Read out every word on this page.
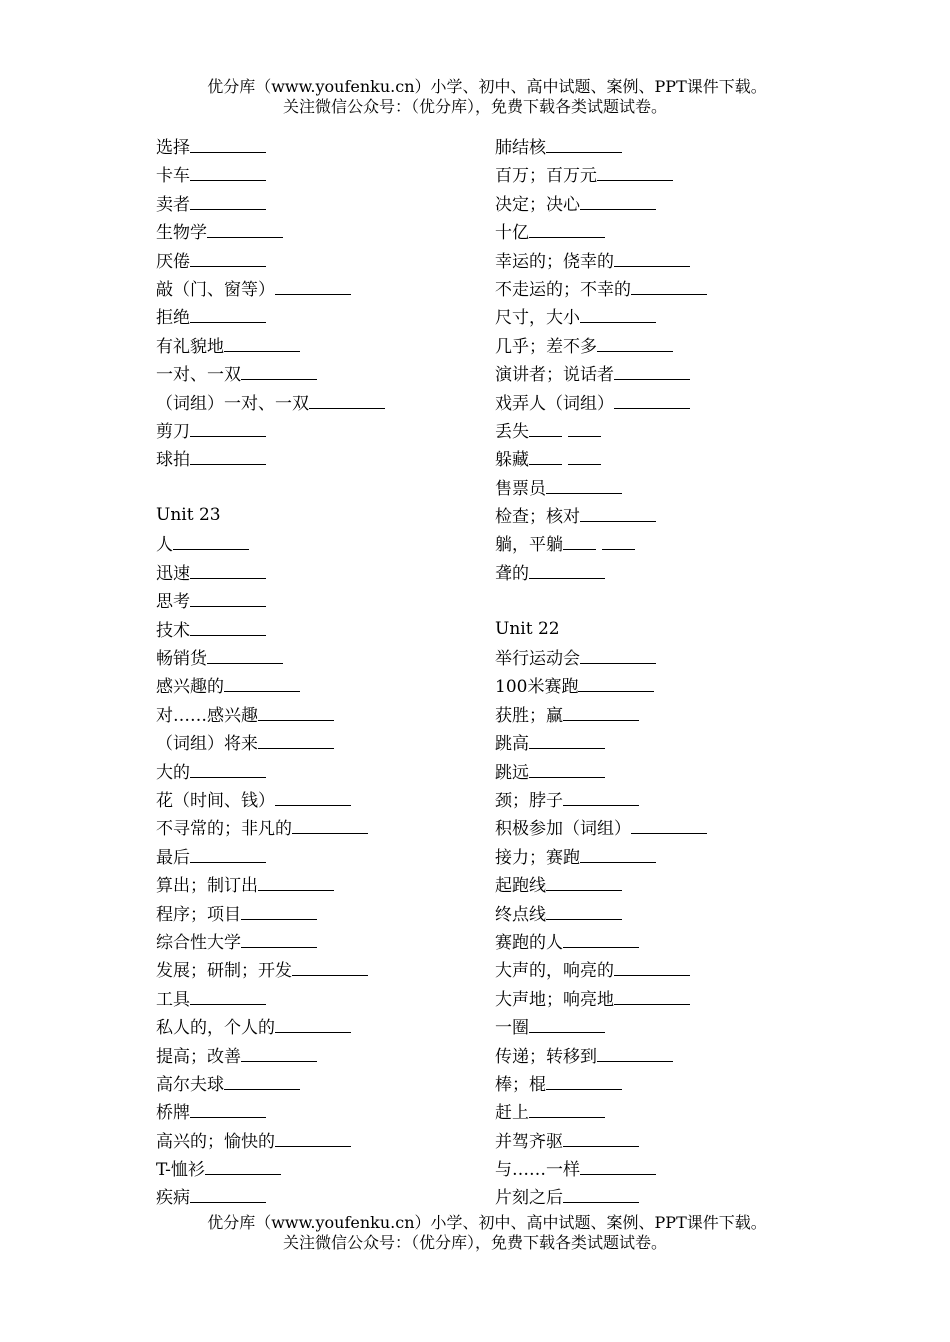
优分库（www.youfenku.cn）小学、初中、高中试题、案例、PPT课件下载。
关注微信公众号：（优分库），免费下载各类试题试卷。
选择
卡车
卖者
生物学
厌倦
敲（门、窗等）
拒绝
有礼貌地
一对、一双
（词组）一对、一双
剪刀
球拍
Unit 23
人
迅速
思考
技术
畅销货
感兴趣的
对……感兴趣
（词组）将来
大的
花（时间、钱）
不寻常的；非凡的
最后
算出；制订出
程序；项目
综合性大学
发展；研制；开发
工具
私人的，个人的
提高；改善
高尔夫球
桥牌
高兴的；愉快的
T-恤衫
疾病
肺结核
百万；百万元
决定；决心
十亿
幸运的；侥幸的
不走运的；不幸的
尺寸，大小
几乎；差不多
演讲者；说话者
戏弄人（词组）
丢失
躲藏
售票员
检查；核对
躺，平躺
聋的
Unit 22
举行运动会
100米赛跑
获胜；赢
跳高
跳远
颈；脖子
积极参加（词组）
接力；赛跑
起跑线
终点线
赛跑的人
大声的，响亮的
大声地；响亮地
一圈
传递；转移到
棒；棍
赶上
并驾齐驱
与……一样
片刻之后
优分库（www.youfenku.cn）小学、初中、高中试题、案例、PPT课件下载。
关注微信公众号：（优分库），免费下载各类试题试卷。
